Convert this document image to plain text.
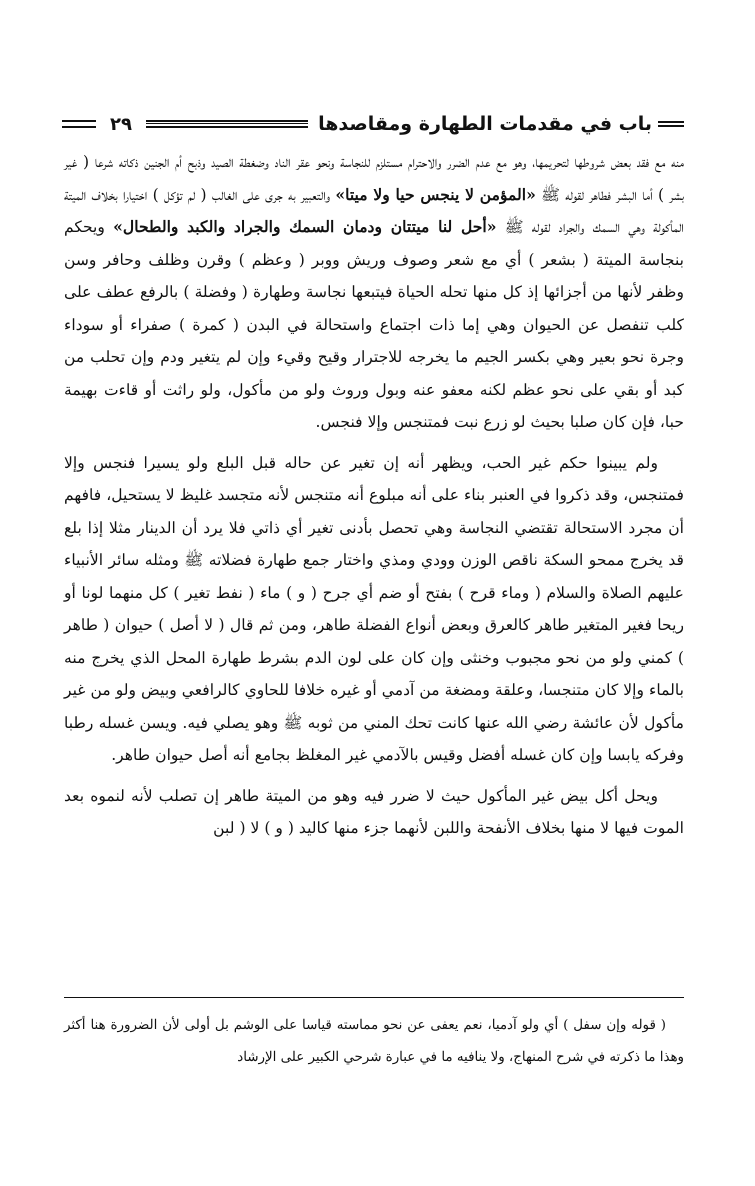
باب في مقدمات الطهارة ومقاصدها
٢٩

منه مع فقد بعض شروطها لتحريمها، وهو مع عدم الضرر والاحترام مستلزم للنجاسة ونحو عقر الناد وضغطة الصيد وذبح أم الجنين ذكاته شرعا ( غير بشر ) أما البشر فطاهر لقوله ﷺ «المؤمن لا ينجس حيا ولا ميتا» والتعبير به جرى على الغالب ( لم تؤكل ) اختيارا بخلاف الميتة المأكولة وهي السمك والجراد لقوله ﷺ «أحل لنا ميتتان ودمان السمك والجراد والكبد والطحال» ويحكم بنجاسة الميتة ( بشعر ) أي مع شعر وصوف وريش ووبر ( وعظم ) وقرن وظلف وحافر وسن وظفر لأنها من أجزائها إذ كل منها تحله الحياة فيتبعها نجاسة وطهارة ( وفضلة ) بالرفع عطف على كلب تنفصل عن الحيوان وهي إما ذات اجتماع واستحالة في البدن ( كمرة ) صفراء أو سوداء وجرة نحو بعير وهي بكسر الجيم ما يخرجه للاجترار وقيح وقيء وإن لم يتغير ودم وإن تحلب من كبد أو بقي على نحو عظم لكنه معفو عنه وبول وروث ولو من مأكول، ولو راثت أو قاءت بهيمة حبا، فإن كان صلبا بحيث لو زرع نبت فمتنجس وإلا فنجس.

ولم يبينوا حكم غير الحب، ويظهر أنه إن تغير عن حاله قبل البلع ولو يسيرا فنجس وإلا فمتنجس، وقد ذكروا في العنبر بناء على أنه مبلوع أنه متنجس لأنه متجسد غليظ لا يستحيل، فافهم أن مجرد الاستحالة تقتضي النجاسة وهي تحصل بأدنى تغير أي ذاتي فلا يرد أن الدينار مثلا إذا بلع قد يخرج ممحو السكة ناقص الوزن وودي ومذي واختار جمع طهارة فضلاته ﷺ ومثله سائر الأنبياء عليهم الصلاة والسلام ( وماء قرح ) بفتح أو ضم أي جرح ( و ) ماء ( نفط تغير ) كل منهما لونا أو ريحا فغير المتغير طاهر كالعرق وبعض أنواع الفضلة طاهر، ومن ثم قال ( لا أصل ) حيوان ( طاهر ) كمني ولو من نحو مجبوب وخنثى وإن كان على لون الدم بشرط طهارة المحل الذي يخرج منه بالماء وإلا كان متنجسا، وعلقة ومضغة من آدمي أو غيره خلافا للحاوي كالرافعي وبيض ولو من غير مأكول لأن عائشة رضي الله عنها كانت تحك المني من ثوبه ﷺ وهو يصلي فيه. ويسن غسله رطبا وفركه يابسا وإن كان غسله أفضل وقيس بالآدمي غير المغلظ بجامع أنه أصل حيوان طاهر.

ويحل أكل بيض غير المأكول حيث لا ضرر فيه وهو من الميتة طاهر إن تصلب لأنه لنموه بعد الموت فيها لا منها بخلاف الأنفحة واللبن لأنهما جزء منها كاليد ( و ) لا ( لبن

( قوله وإن سفل ) أي ولو آدميا، نعم يعفى عن نحو مماسته قياسا على الوشم بل أولى لأن الضرورة هنا أكثر وهذا ما ذكرته في شرح المنهاج، ولا ينافيه ما في عبارة شرحي الكبير على الإرشاد
